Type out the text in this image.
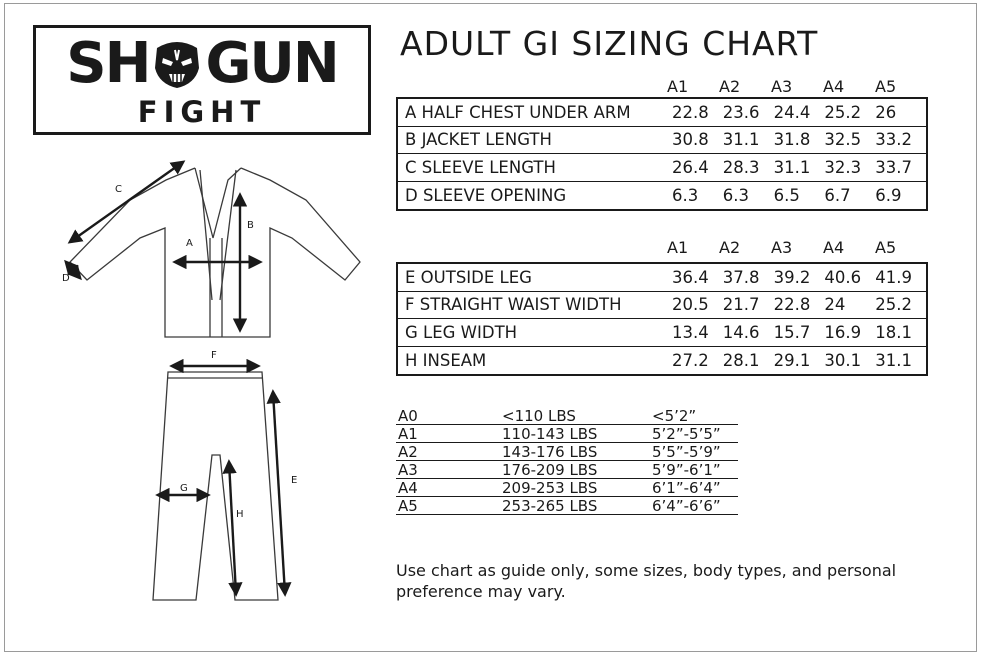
SH GUN
FIGHT
ADULT GI SIZING CHART
A1	A2	A3	A4	A5
A HALF CHEST UNDER ARM	22.8 23.6 24.4 25.2 26
B JACKET LENGTH	30.8 31.1 31.8 32.5 33.2
C SLEEVE LENGTH	26.4 28.3 31.1 32.3 33.7
D SLEEVE OPENING	6.3	6.3	6.5	6.7	6.9
A1	A2	A3	A4	A5
E OUTSIDE LEG	36.4 37.8 39.2 40.6 41.9
F STRAIGHT WAIST WIDTH	20.5 21.7 22.8 24	25.2
G LEG WIDTH	13.4 14.6 15.7 16.9 18.1
H INSEAM	27.2 28.1 29.1 30.1 31.1
A0	<110 LBS	<5’2”
A1	110-143 LBS	5’2”-5’5”
A2	143-176 LBS	5’5”-5’9”
A3	176-209 LBS	5’9”-6’1”
A4	209-253 LBS	6’1”-6’4”
A5	253-265 LBS	6’4”-6’6”
Use chart as guide only, some sizes, body types, and personal preference may vary.
C
D
A
B
F
G
H
E
